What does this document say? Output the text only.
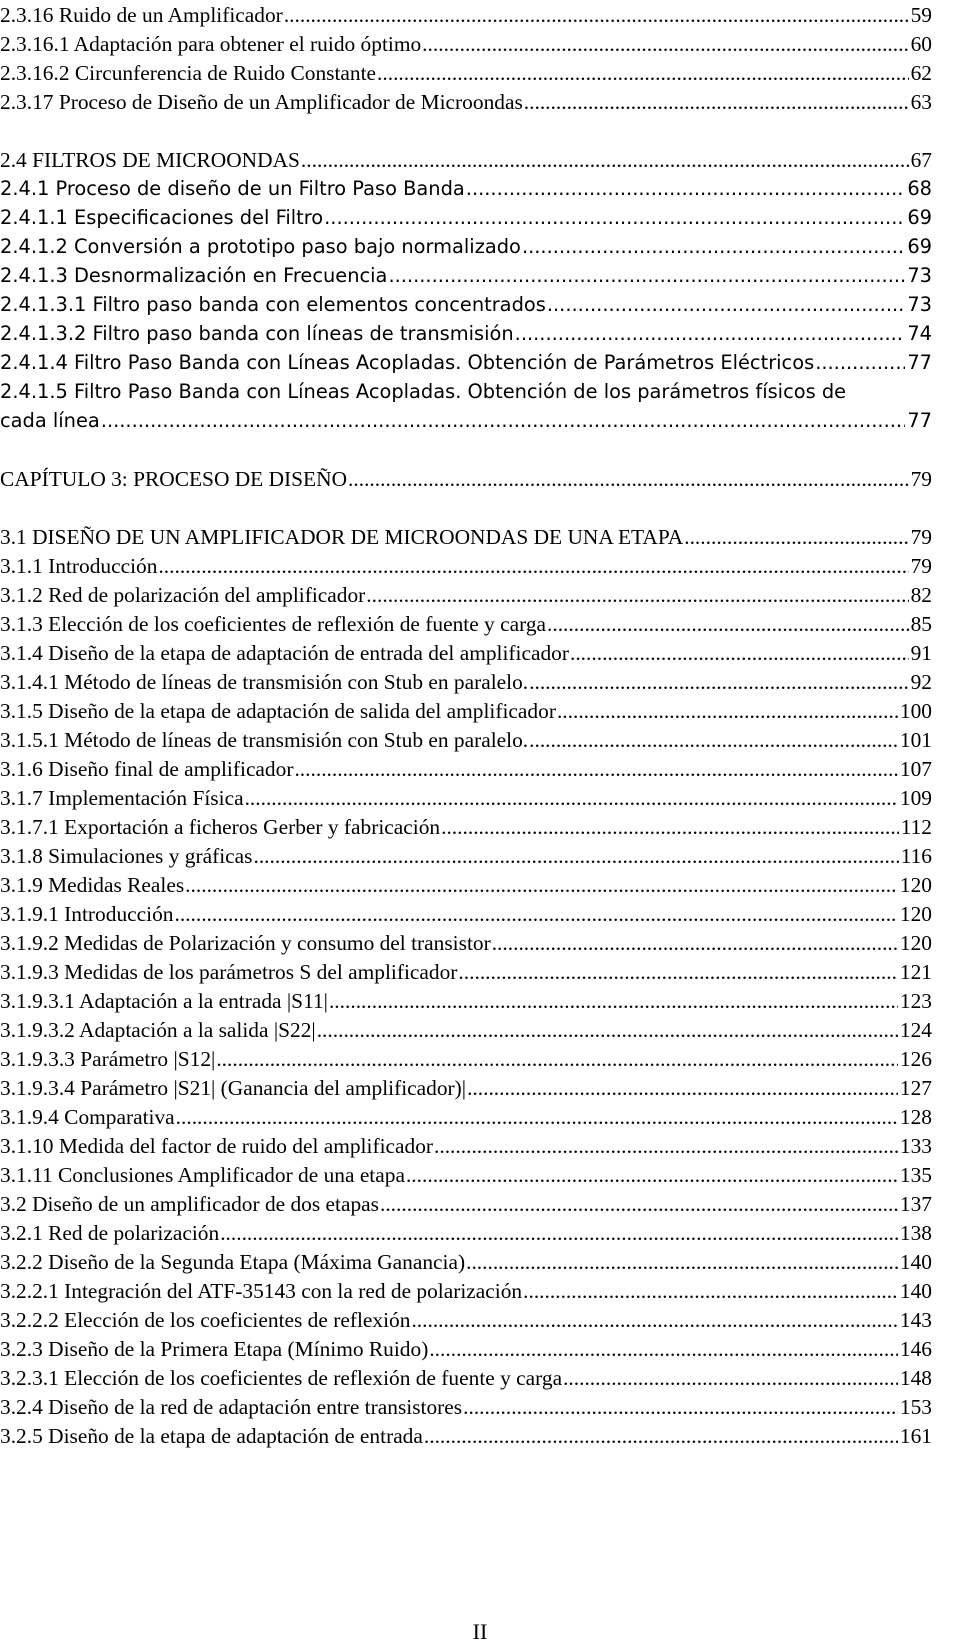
2.3.16 Ruido de un Amplificador .....	59
2.3.16.1 Adaptación para obtener el ruido óptimo .....	60
2.3.16.2 Circunferencia de Ruido Constante .....	62
2.3.17 Proceso de Diseño de un Amplificador de Microondas .....	63
2.4 FILTROS DE MICROONDAS .....	67
2.4.1 Proceso de diseño de un Filtro Paso Banda .....	68
2.4.1.1 Especificaciones del Filtro .....	69
2.4.1.2 Conversión a prototipo paso bajo normalizado .....	69
2.4.1.3 Desnormalización en Frecuencia .....	73
2.4.1.3.1 Filtro paso banda con elementos concentrados .....	73
2.4.1.3.2 Filtro paso banda con líneas de transmisión .....	74
2.4.1.4 Filtro Paso Banda con Líneas Acopladas. Obtención de Parámetros Eléctricos .....	77
2.4.1.5 Filtro Paso Banda con Líneas Acopladas. Obtención de los parámetros físicos de
cada línea .....	77
CAPÍTULO 3: PROCESO DE DISEÑO .....	79
3.1 DISEÑO DE UN AMPLIFICADOR DE MICROONDAS DE UNA ETAPA .....	79
3.1.1 Introducción .....	79
3.1.2 Red de polarización del amplificador .....	82
3.1.3 Elección de los coeficientes de reflexión de fuente y carga .....	85
3.1.4 Diseño de la etapa de adaptación de entrada del amplificador .....	91
3.1.4.1 Método de líneas de transmisión con Stub en paralelo. .....	92
3.1.5 Diseño de la etapa de adaptación de salida del amplificador .....	100
3.1.5.1 Método de líneas de transmisión con Stub en paralelo. .....	101
3.1.6 Diseño final de amplificador .....	107
3.1.7 Implementación Física .....	109
3.1.7.1 Exportación a ficheros Gerber y fabricación .....	112
3.1.8 Simulaciones y gráficas .....	116
3.1.9 Medidas Reales .....	120
3.1.9.1 Introducción .....	120
3.1.9.2 Medidas de Polarización y consumo del transistor .....	120
3.1.9.3 Medidas de los parámetros S del amplificador .....	121
3.1.9.3.1 Adaptación a la entrada |S11| .....	123
3.1.9.3.2 Adaptación a la salida |S22| .....	124
3.1.9.3.3 Parámetro |S12| .....	126
3.1.9.3.4 Parámetro |S21| (Ganancia del amplificador)| .....	127
3.1.9.4 Comparativa .....	128
3.1.10 Medida del factor de ruido del amplificador .....	133
3.1.11 Conclusiones Amplificador de una etapa .....	135
3.2 Diseño de un amplificador de dos etapas .....	137
3.2.1 Red de polarización .....	138
3.2.2 Diseño de la Segunda Etapa (Máxima Ganancia) .....	140
3.2.2.1 Integración del ATF-35143 con la red de polarización .....	140
3.2.2.2 Elección de los coeficientes de reflexión .....	143
3.2.3 Diseño de la Primera Etapa (Mínimo Ruido) .....	146
3.2.3.1 Elección de los coeficientes de reflexión de fuente y carga .....	148
3.2.4 Diseño de la red de adaptación entre transistores .....	153
3.2.5 Diseño de la etapa de adaptación de entrada .....	161
II
